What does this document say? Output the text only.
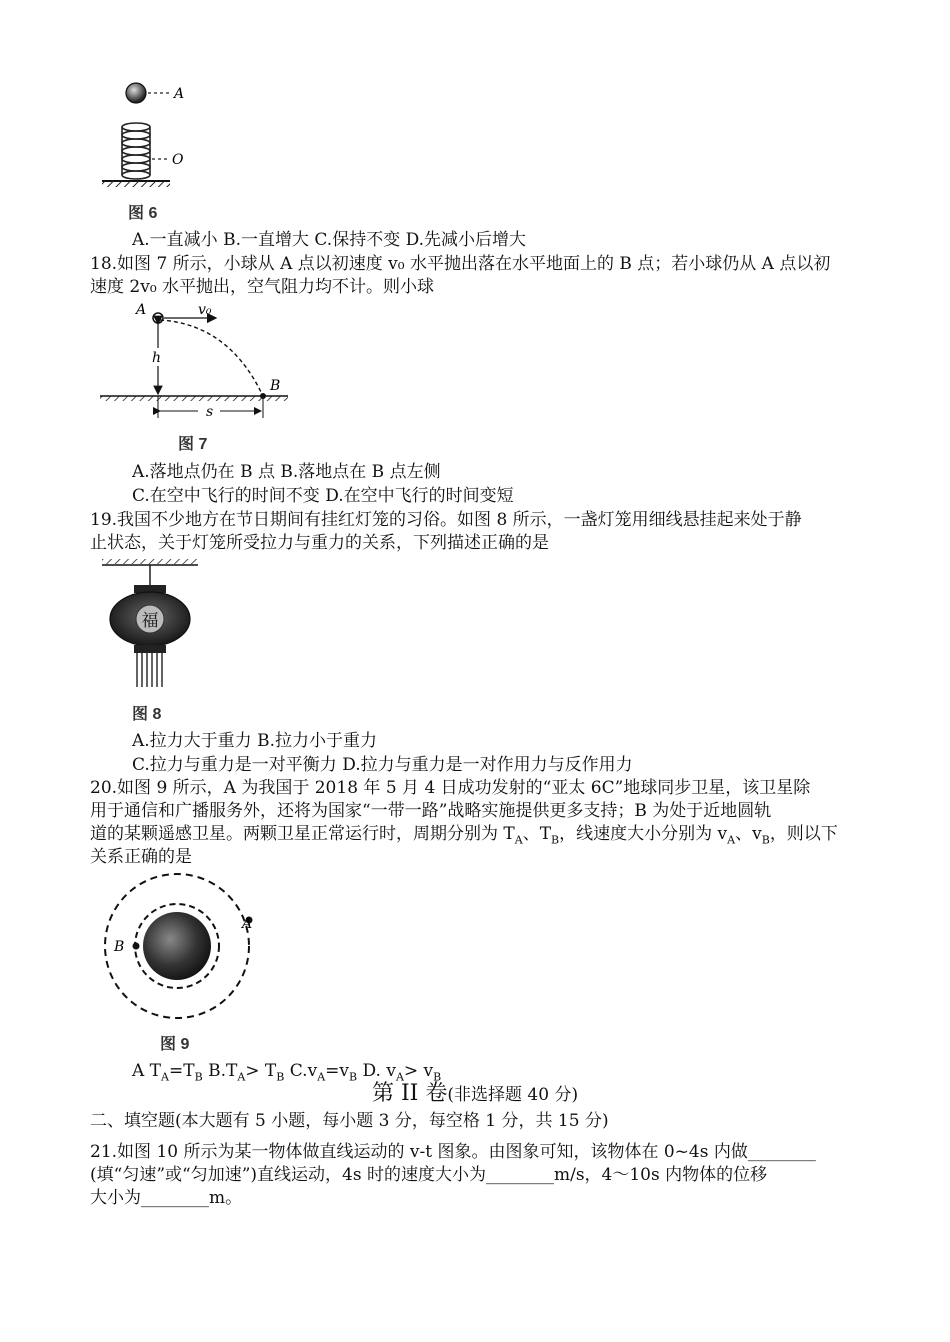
A
O
图 6
A.一直减小 B.一直增大 C.保持不变 D.先减小后增大
18.如图 7 所示，小球从 A 点以初速度 v₀ 水平抛出落在水平地面上的 B 点；若小球仍从 A 点以初
速度 2v₀ 水平抛出，空气阻力均不计。则小球
A	v₀
h
B
s
图 7
A.落地点仍在 B 点 B.落地点在 B 点左侧
C.在空中飞行的时间不变 D.在空中飞行的时间变短
19.我国不少地方在节日期间有挂红灯笼的习俗。如图 8 所示，一盏灯笼用细线悬挂起来处于静
止状态，关于灯笼所受拉力与重力的关系，下列描述正确的是
福
图 8
A.拉力大于重力 B.拉力小于重力
C.拉力与重力是一对平衡力 D.拉力与重力是一对作用力与反作用力
20.如图 9 所示，A 为我国于 2018 年 5 月 4 日成功发射的“亚太 6C”地球同步卫星，该卫星除
用于通信和广播服务外，还将为国家“一带一路”战略实施提供更多支持；B 为处于近地圆轨
道的某颗遥感卫星。两颗卫星正常运行时，周期分别为 $T_A$、$T_B$，线速度大小分别为 $v_A$、$v_B$，则以下
关系正确的是
A
B
图 9
A $T_A=T_B$ $B.T_A> T_B$ $C.v_A=v_B$ D. $v_A> v_B$
第 II 卷(非选择题 40 分)
二、填空题(本大题有 5 小题，每小题 3 分，每空格 1 分，共 15 分)
21.如图 10 所示为某一物体做直线运动的 v-t 图象。由图象可知，该物体在 0~4s 内做________
(填“匀速”或“匀加速”)直线运动，4s 时的速度大小为________m/s，4～10s 内物体的位移
大小为________m。
